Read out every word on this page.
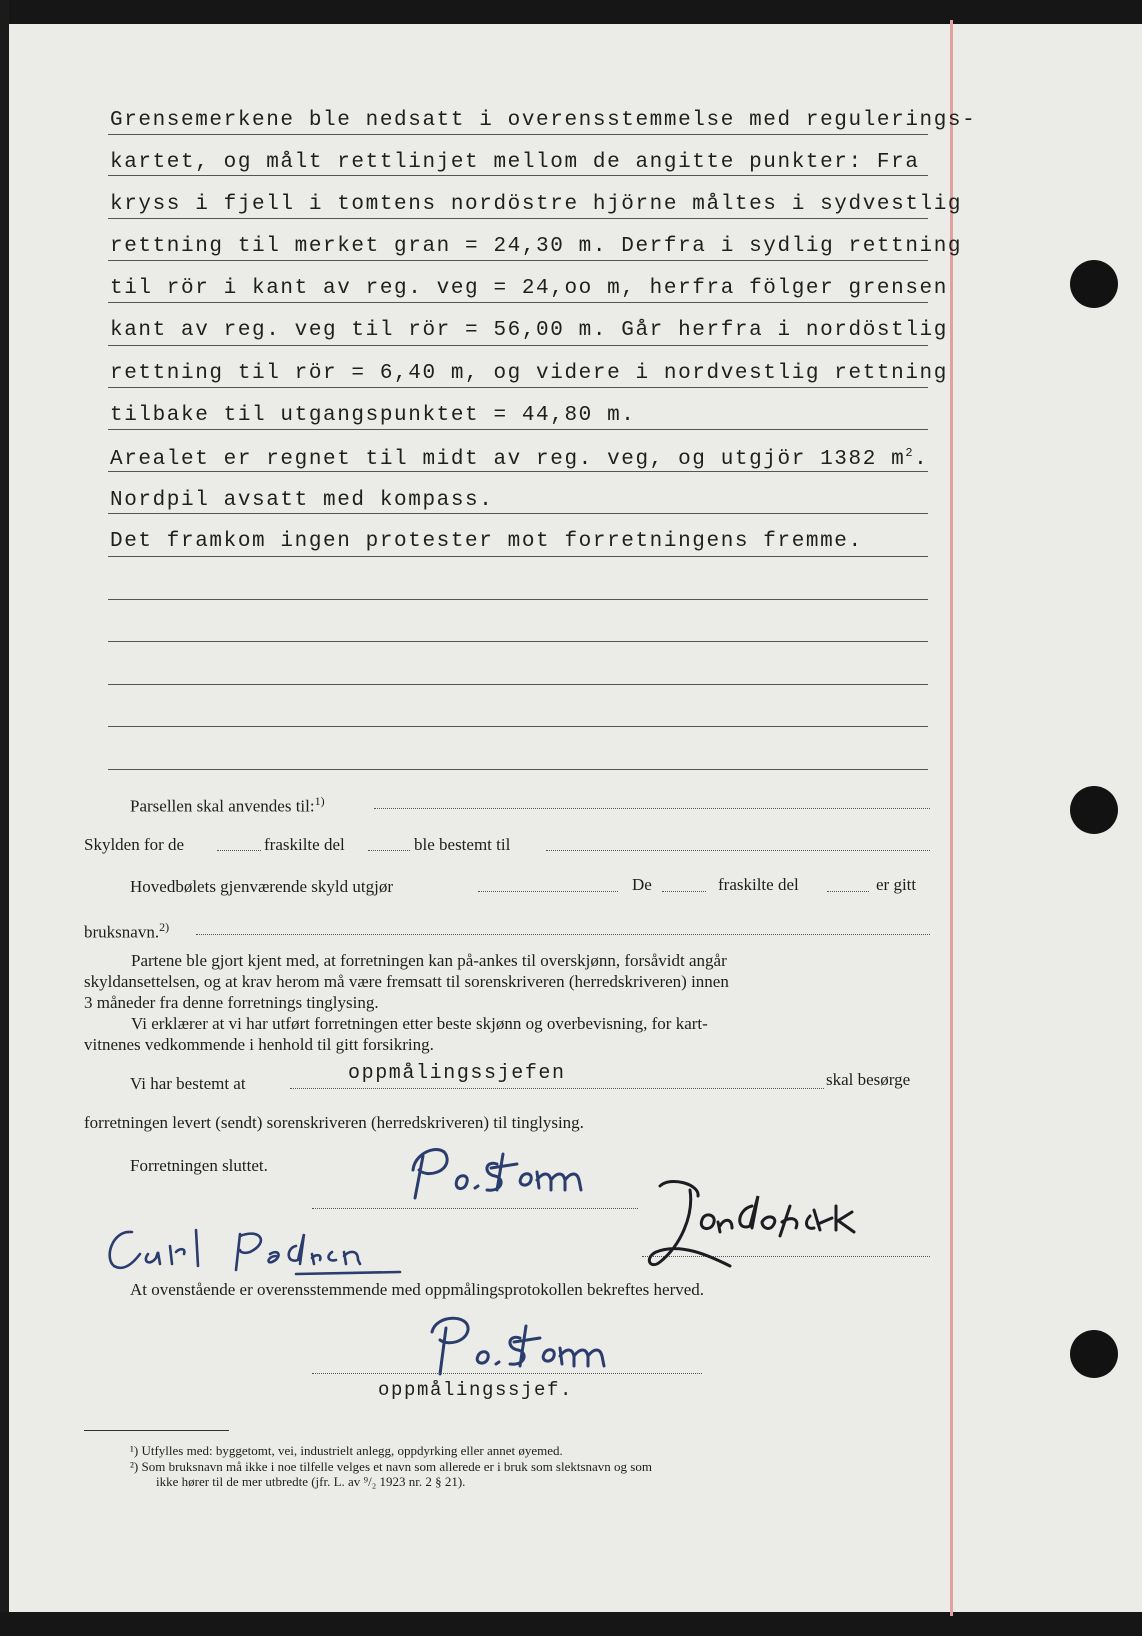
Grensemerkene ble nedsatt i overensstemmelse med regulerings-
kartet, og målt rettlinjet mellom de angitte punkter: Fra
kryss i fjell i tomtens nordöstre hjörne måltes i sydvestlig
rettning til merket gran = 24,30 m. Derfra i sydlig rettning
til rör i kant av reg. veg = 24,oo m, herfra fölger grensen
kant av reg. veg til rör = 56,00 m. Går herfra i nordöstlig
rettning til rör = 6,40 m, og videre i nordvestlig rettning
tilbake til utgangspunktet = 44,80 m.
Arealet er regnet til midt av reg. veg, og utgjör 1382 $m^2$.
Nordpil avsatt med kompass.
Det framkom ingen protester mot forretningens fremme.
Parsellen skal anvendes til:$^{1)}$
Skylden for de	fraskilte del	ble bestemt til
Hovedbølets gjenværende skyld utgjør	De	fraskilte del	er gitt
bruksnavn.$^{2)}$
Partene ble gjort kjent med, at forretningen kan på-ankes til overskjønn, forsåvidt angår
skyldansettelsen, og at krav herom må være fremsatt til sorenskriveren (herredskriveren) innen
3 måneder fra denne forretnings tinglysing.
Vi erklærer at vi har utført forretningen etter beste skjønn og overbevisning, for kart-
vitnenes vedkommende i henhold til gitt forsikring.
Vi har bestemt at	oppmålingssjefen	skal besørge
forretningen levert (sendt) sorenskriveren (herredskriveren) til tinglysing.
Forretningen sluttet.
At ovenstående er overensstemmende med oppmålingsprotokollen bekreftes herved.
oppmålingssjef.
¹) Utfylles med: byggetomt, vei, industrielt anlegg, oppdyrking eller annet øyemed.
²) Som bruksnavn må ikke i noe tilfelle velges et navn som allerede er i bruk som slektsnavn og som
ikke hører til de mer utbredte (jfr. L. av ⁹/₂ 1923 nr. 2 § 21).
